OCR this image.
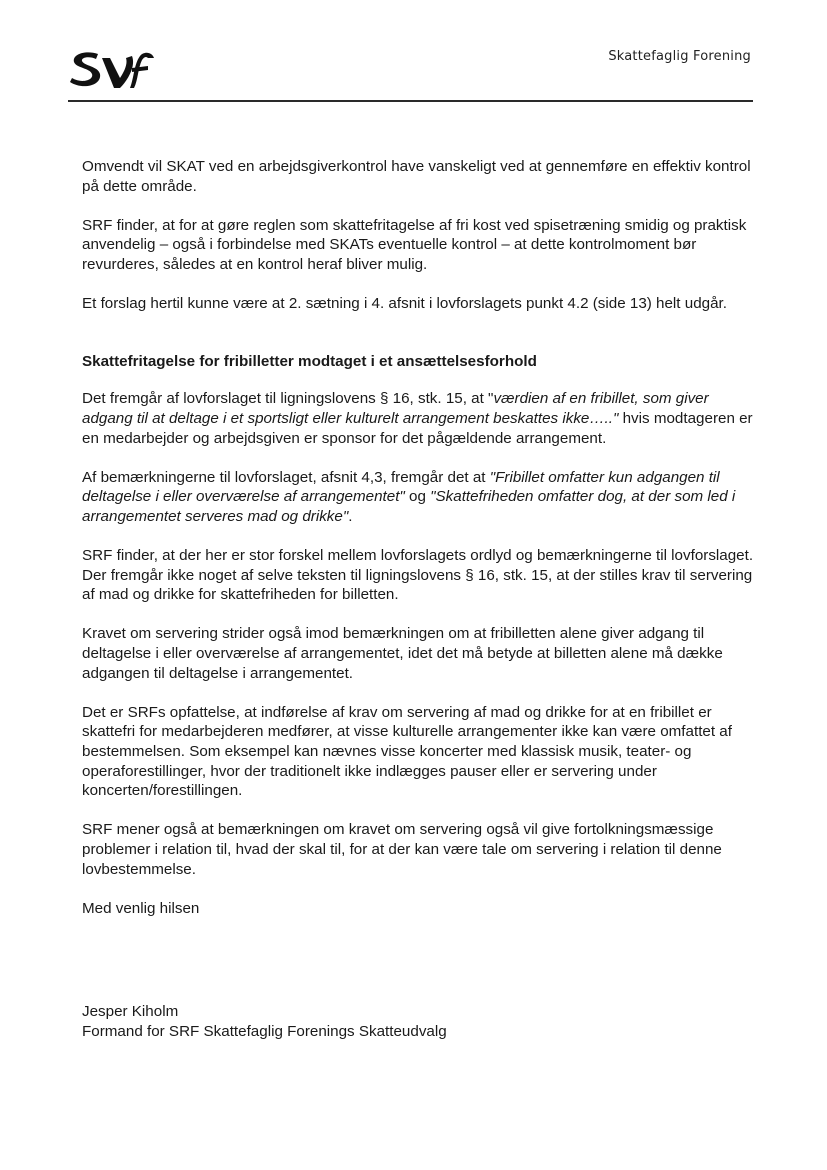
Skattefaglig Forening

Omvendt vil SKAT ved en arbejdsgiverkontrol have vanskeligt ved at gennemføre en effektiv kontrol på dette område.

SRF finder, at for at gøre reglen som skattefritagelse af fri kost ved spisetræning smidig og praktisk anvendelig – også i forbindelse med SKATs eventuelle kontrol – at dette kontrolmoment bør revurderes, således at en kontrol heraf bliver mulig.

Et forslag hertil kunne være at 2. sætning i 4. afsnit i lovforslagets punkt 4.2 (side 13) helt udgår.

Skattefritagelse for fribilletter modtaget i et ansættelsesforhold

Det fremgår af lovforslaget til ligningslovens § 16, stk. 15, at "værdien af en fribillet, som giver adgang til at deltage i et sportsligt eller kulturelt arrangement beskattes ikke….." hvis modtageren er en medarbejder og arbejdsgiven er sponsor for det pågældende arrangement.

Af bemærkningerne til lovforslaget, afsnit 4,3, fremgår det at "Fribillet omfatter kun adgangen til deltagelse i eller overværelse af arrangementet" og "Skattefriheden omfatter dog, at der som led i arrangementet serveres mad og drikke".

SRF finder, at der her er stor forskel mellem lovforslagets ordlyd og bemærkningerne til lovforslaget. Der fremgår ikke noget af selve teksten til ligningslovens § 16, stk. 15, at der stilles krav til servering af mad og drikke for skattefriheden for billetten.

Kravet om servering strider også imod bemærkningen om at fribilletten alene giver adgang til deltagelse i eller overværelse af arrangementet, idet det må betyde at billetten alene må dække adgangen til deltagelse i arrangementet.

Det er SRFs opfattelse, at indførelse af krav om servering af mad og drikke for at en fribillet er skattefri for medarbejderen medfører, at visse kulturelle arrangementer ikke kan være omfattet af bestemmelsen. Som eksempel kan nævnes visse koncerter med klassisk musik, teater- og operaforestillinger, hvor der traditionelt ikke indlægges pauser eller er servering under koncerten/forestillingen.

SRF mener også at bemærkningen om kravet om servering også vil give fortolkningsmæssige problemer i relation til, hvad der skal til, for at der kan være tale om servering i relation til denne lovbestemmelse.

Med venlig hilsen

Jesper Kiholm
Formand for SRF Skattefaglig Forenings Skatteudvalg
